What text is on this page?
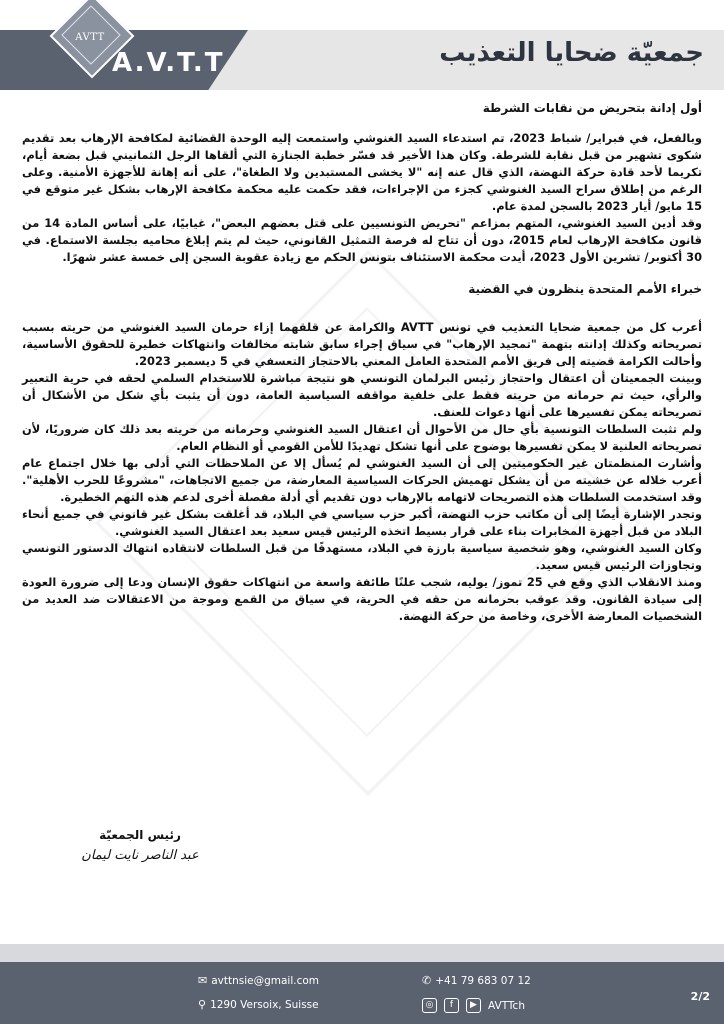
AVTT
A.V.T.T	جمعيّة ضحايا التعذيب
أول إدانة بتحريض من نقابات الشرطة

وبالفعل، في فبراير/ شباط 2023، تم استدعاء السيد الغنوشي واستمعت إليه الوحدة القضائية لمكافحة الإرهاب بعد تقديم شكوى تشهير من قبل نقابة للشرطة. وكان هذا الأخير قد فسّر خطبة الجنازة التي ألقاها الرجل الثمانيني قبل بضعة أيام، تكريما لأحد قادة حركة النهضة، الذي قال عنه إنه "لا يخشى المستبدين ولا الطغاة"، على أنه إهانة للأجهزة الأمنية. وعلى الرغم من إطلاق سراح السيد الغنوشي كجزء من الإجراءات، فقد حكمت عليه محكمة مكافحة الإرهاب بشكل غير متوقع في 15 مايو/ أيار 2023 بالسجن لمدة عام.

وقد أدين السيد الغنوشي، المتهم بمزاعم "تحريض التونسيين على قتل بعضهم البعض"، غيابيًا، على أساس المادة 14 من قانون مكافحة الإرهاب لعام 2015، دون أن تتاح له فرصة التمثيل القانوني، حيث لم يتم إبلاغ محاميه بجلسة الاستماع. في 30 أكتوبر/ تشرين الأول 2023، أيدت محكمة الاستئناف بتونس الحكم مع زيادة عقوبة السجن إلى خمسة عشر شهرًا.

خبراء الأمم المتحدة ينظرون في القضية

أعرب كل من جمعية ضحايا التعذيب في تونس AVTT والكرامة عن قلقهما إزاء حرمان السيد الغنوشي من حريته بسبب تصريحاته وكذلك إدانته بتهمة "تمجيد الإرهاب" في سياق إجراء سابق شابته مخالفات وانتهاكات خطيرة للحقوق الأساسية، وأحالت الكرامة قضيته إلى فريق الأمم المتحدة العامل المعني بالاحتجاز التعسفي في 5 ديسمبر 2023.

وبينت الجمعيتان أن اعتقال واحتجاز رئيس البرلمان التونسي هو نتيجة مباشرة للاستخدام السلمي لحقه في حرية التعبير والرأي، حيث تم حرمانه من حريته فقط على خلفية مواقفه السياسية العامة، دون أن يثبت بأي شكل من الأشكال أن تصريحاته يمكن تفسيرها على أنها دعوات للعنف.

ولم تثبت السلطات التونسية بأي حال من الأحوال أن اعتقال السيد الغنوشي وحرمانه من حريته بعد ذلك كان ضروريًا، لأن تصريحاته العلنية لا يمكن تفسيرها بوضوح على أنها تشكل تهديدًا للأمن القومي أو النظام العام.

وأشارت المنظمتان غير الحكوميتين إلى أن السيد الغنوشي لم يُسأل إلا عن الملاحظات التي أدلى بها خلال اجتماع عام أعرب خلاله عن خشيته من أن يشكل تهميش الحركات السياسية المعارضة، من جميع الاتجاهات، "مشروعًا للحرب الأهلية". وقد استخدمت السلطات هذه التصريحات لاتهامه بالإرهاب دون تقديم أي أدلة مفصلة أخرى لدعم هذه التهم الخطيرة.

وتجدر الإشارة أيضًا إلى أن مكاتب حزب النهضة، أكبر حزب سياسي في البلاد، قد أغلقت بشكل غير قانوني في جميع أنحاء البلاد من قبل أجهزة المخابرات بناء على قرار بسيط اتخذه الرئيس قيس سعيد بعد اعتقال السيد الغنوشي.

وكان السيد الغنوشي، وهو شخصية سياسية بارزة في البلاد، مستهدفًا من قبل السلطات لانتقاده انتهاك الدستور التونسي وتجاوزات الرئيس قيس سعيد.

ومنذ الانقلاب الذي وقع في 25 تموز/ يوليه، شجب علنًا طائفة واسعة من انتهاكات حقوق الإنسان ودعا إلى ضرورة العودة إلى سيادة القانون. وقد عوقب بحرمانه من حقه في الحرية، في سياق من القمع وموجة من الاعتقالات ضد العديد من الشخصيات المعارضة الأخرى، وخاصة من حركة النهضة.

رئيس الجمعيّة
عبد الناصر نايت ليمان
✉ avttnsie@gmail.com
⚲ 1290 Versoix, Suisse
✆ +41 79 683 07 12
◎	f	▶	AVTTch
2/2
